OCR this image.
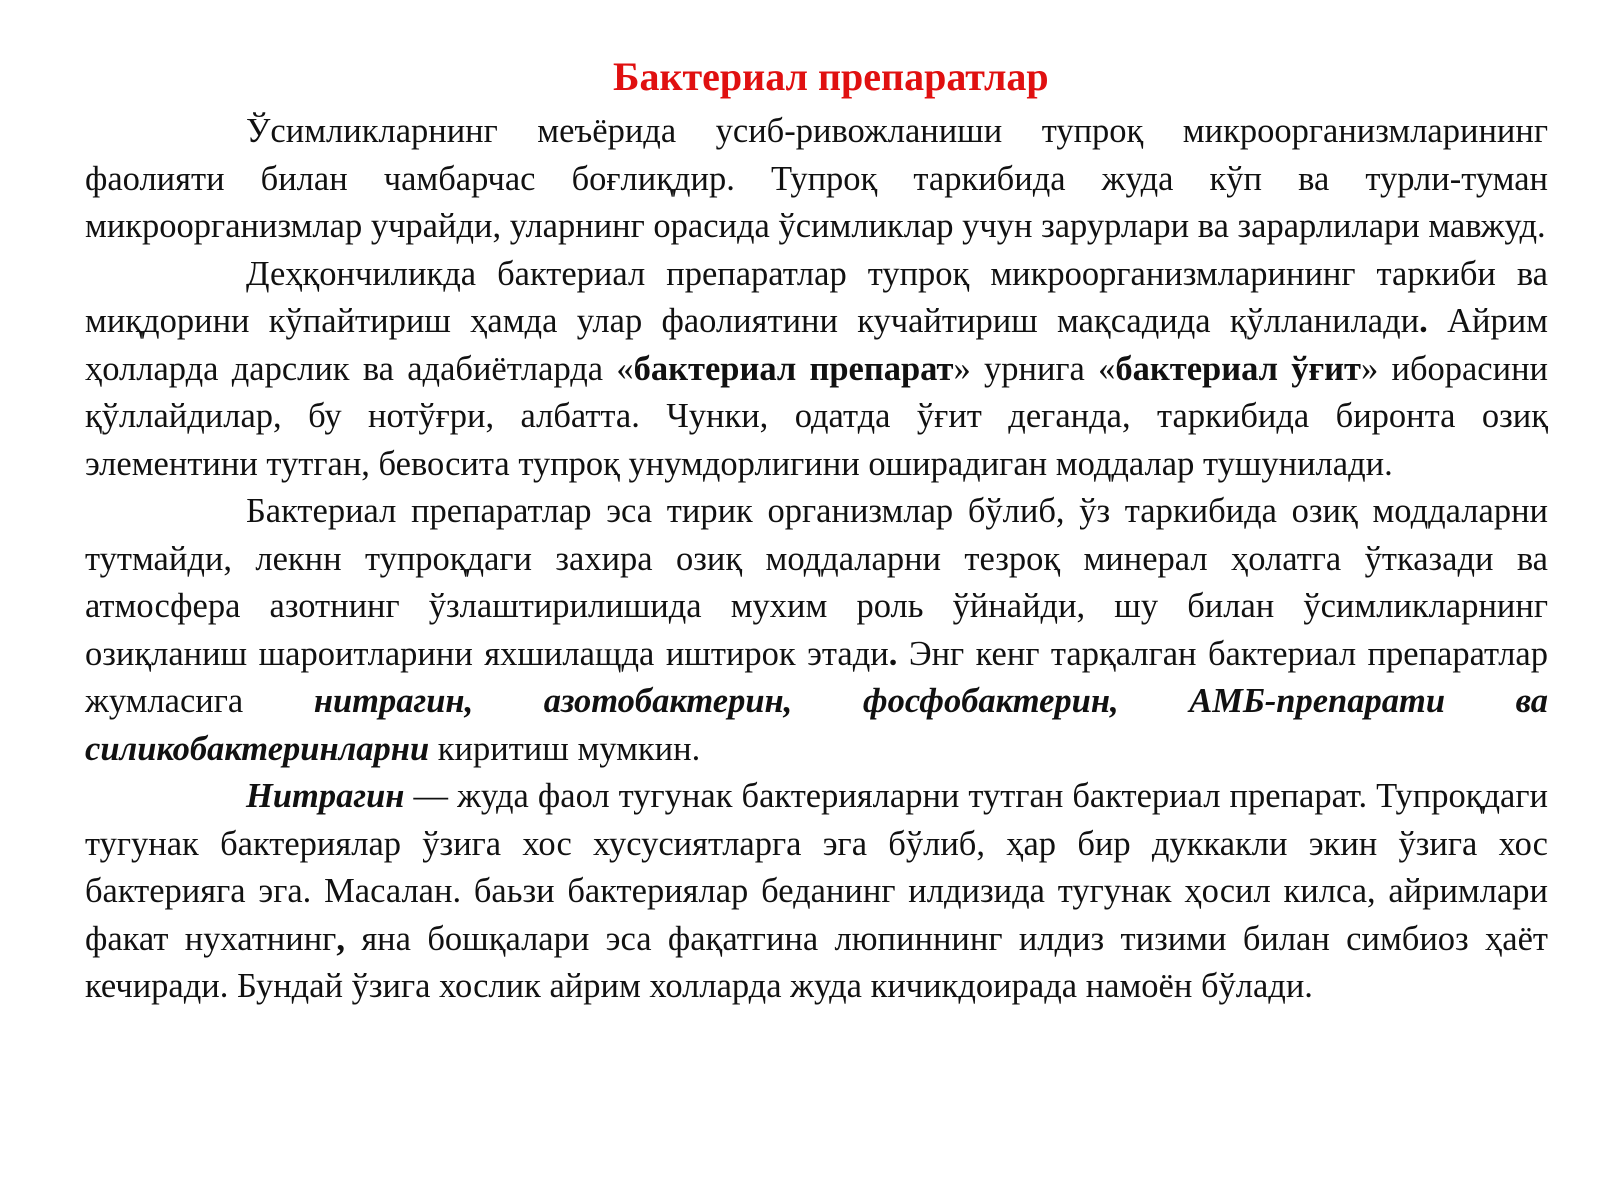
Бактериал препаратлар

Ўсимликларнинг меъёрида усиб-ривожланиши тупроқ микроорганизмларининг фаолияти билан чамбарчас боғлиқдир. Тупроқ таркибида жуда кўп ва турли-туман микроорганизмлар учрайди, уларнинг орасида ўсимликлар учун зарурлари ва зарарлилари мавжуд.

Деҳқончиликда бактериал препаратлар тупроқ микроорганизмларининг таркиби ва миқдорини кўпайтириш ҳамда улар фаолиятини кучайтириш мақсадида қўлланилади. Айрим ҳолларда дарслик ва адабиётларда «бактериал препарат» урнига «бактериал ўғит» иборасини қўллайдилар, бу нотўғри, албатта. Чунки, одатда ўғит деганда, таркибида биронта озиқ элементини тутган, бевосита тупроқ унумдорлигини оширадиган моддалар тушунилади.

Бактериал препаратлар эса тирик организмлар бўлиб, ўз таркибида озиқ моддаларни тутмайди, лекнн тупроқдаги захира озиқ моддаларни тезроқ минерал ҳолатга ўтказади ва атмосфера азотнинг ўзлаштирилишида мухим роль ўйнайди, шу билан ўсимликларнинг озиқланиш шароитларини яхшилащда иштирок этади. Энг кенг тарқалган бактериал препаратлар жумласига нитрагин, азотобактерин, фосфобактерин, АМБ-препарати ва силикобактеринларни киритиш мумкин.

Нитрагин — жуда фаол тугунак бактерияларни тутган бактериал препарат. Тупроқдаги тугунак бактериялар ўзига хос хусусиятларга эга бўлиб, ҳар бир дуккакли экин ўзига хос бактерияга эга. Масалан. баьзи бактериялар беданинг илдизида тугунак ҳосил килса, айримлари факат нухатнинг, яна бошқалари эса фақатгина люпиннинг илдиз тизими билан симбиоз ҳаёт кечиради. Бундай ўзига хослик айрим холларда жуда кичикдоирада намоён бўлади.
